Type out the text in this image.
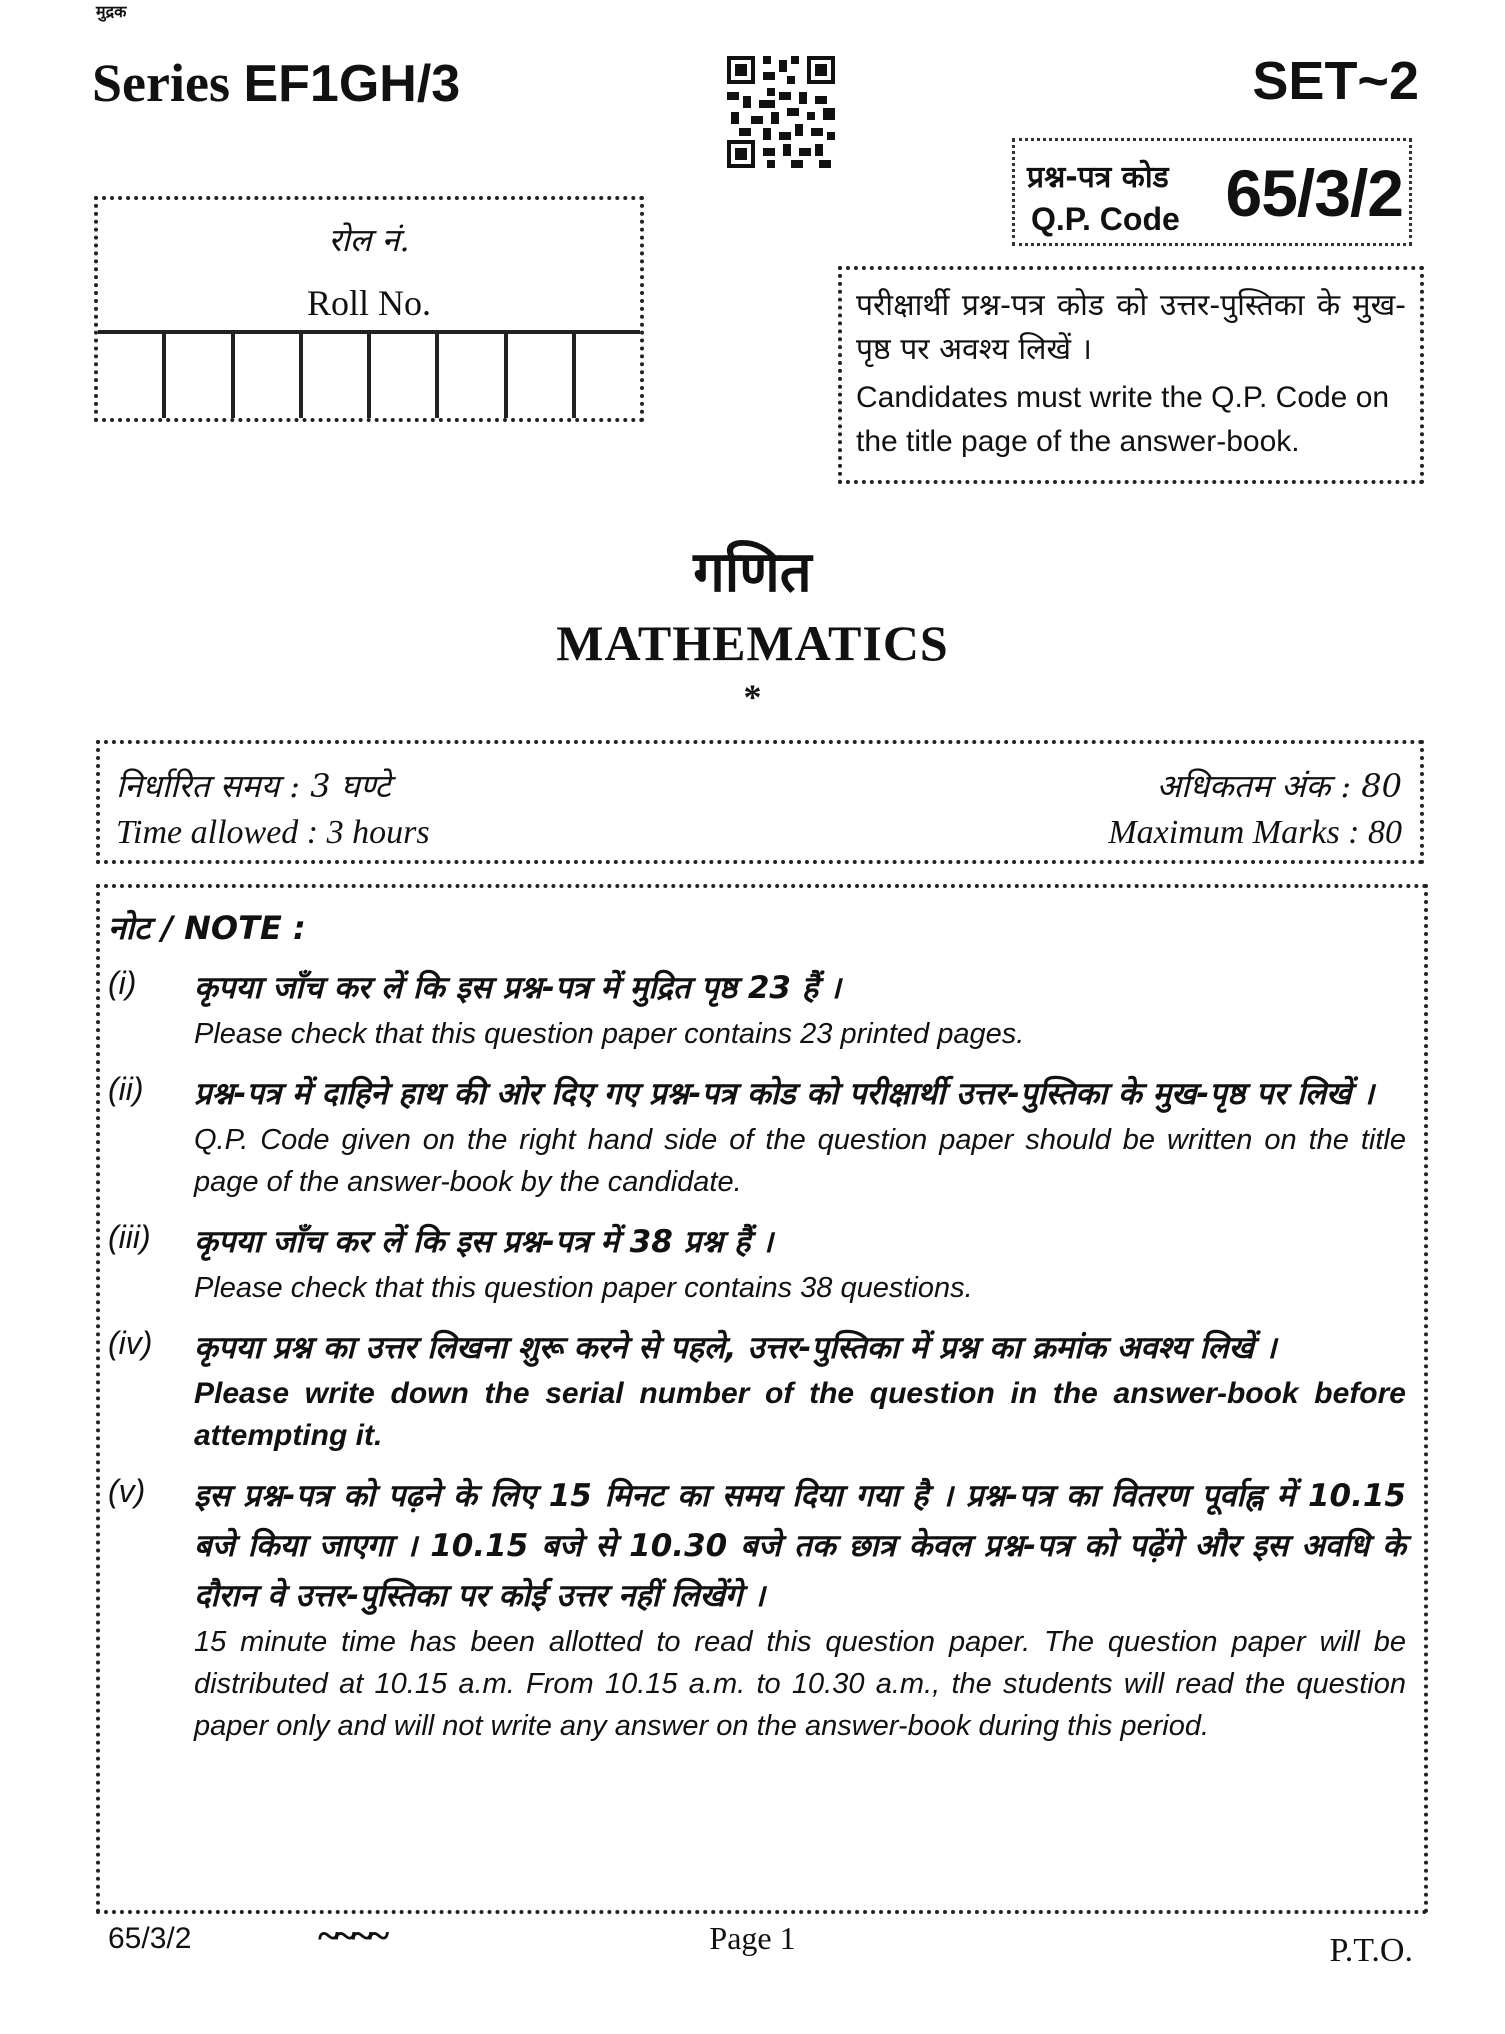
मुद्रक
Series EF1GH/3	SET~2
प्रश्न-पत्र कोड
Q.P. Code 65/3/2
रोल नं.
Roll No.	परीक्षार्थी प्रश्न-पत्र कोड को उत्तर-पुस्तिका के मुख-पृष्ठ पर अवश्य लिखें ।
Candidates must write the Q.P. Code on the title page of the answer-book.
गणित
MATHEMATICS
*
निर्धारित समय : 3 घण्टे
Time allowed : 3 hours
अधिकतम अंक : 80
Maximum Marks : 80
नोट / NOTE :
(i)	कृपया जाँच कर लें कि इस प्रश्न-पत्र में मुद्रित पृष्ठ 23 हैं ।
Please check that this question paper contains 23 printed pages.
(ii)	प्रश्न-पत्र में दाहिने हाथ की ओर दिए गए प्रश्न-पत्र कोड को परीक्षार्थी उत्तर-पुस्तिका के मुख-पृष्ठ पर लिखें ।
Q.P. Code given on the right hand side of the question paper should be written on the title page of the answer-book by the candidate.
(iii)	कृपया जाँच कर लें कि इस प्रश्न-पत्र में 38 प्रश्न हैं ।
Please check that this question paper contains 38 questions.
(iv)	कृपया प्रश्न का उत्तर लिखना शुरू करने से पहले, उत्तर-पुस्तिका में प्रश्न का क्रमांक अवश्य लिखें ।
Please write down the serial number of the question in the answer-book before attempting it.
(v)	इस प्रश्न-पत्र को पढ़ने के लिए 15 मिनट का समय दिया गया है । प्रश्न-पत्र का वितरण पूर्वाह्न में 10.15 बजे किया जाएगा । 10.15 बजे से 10.30 बजे तक छात्र केवल प्रश्न-पत्र को पढ़ेंगे और इस अवधि के दौरान वे उत्तर-पुस्तिका पर कोई उत्तर नहीं लिखेंगे ।
15 minute time has been allotted to read this question paper. The question paper will be distributed at 10.15 a.m. From 10.15 a.m. to 10.30 a.m., the students will read the question paper only and will not write any answer on the answer-book during this period.
65/3/2	~~~~	Page 1	P.T.O.
